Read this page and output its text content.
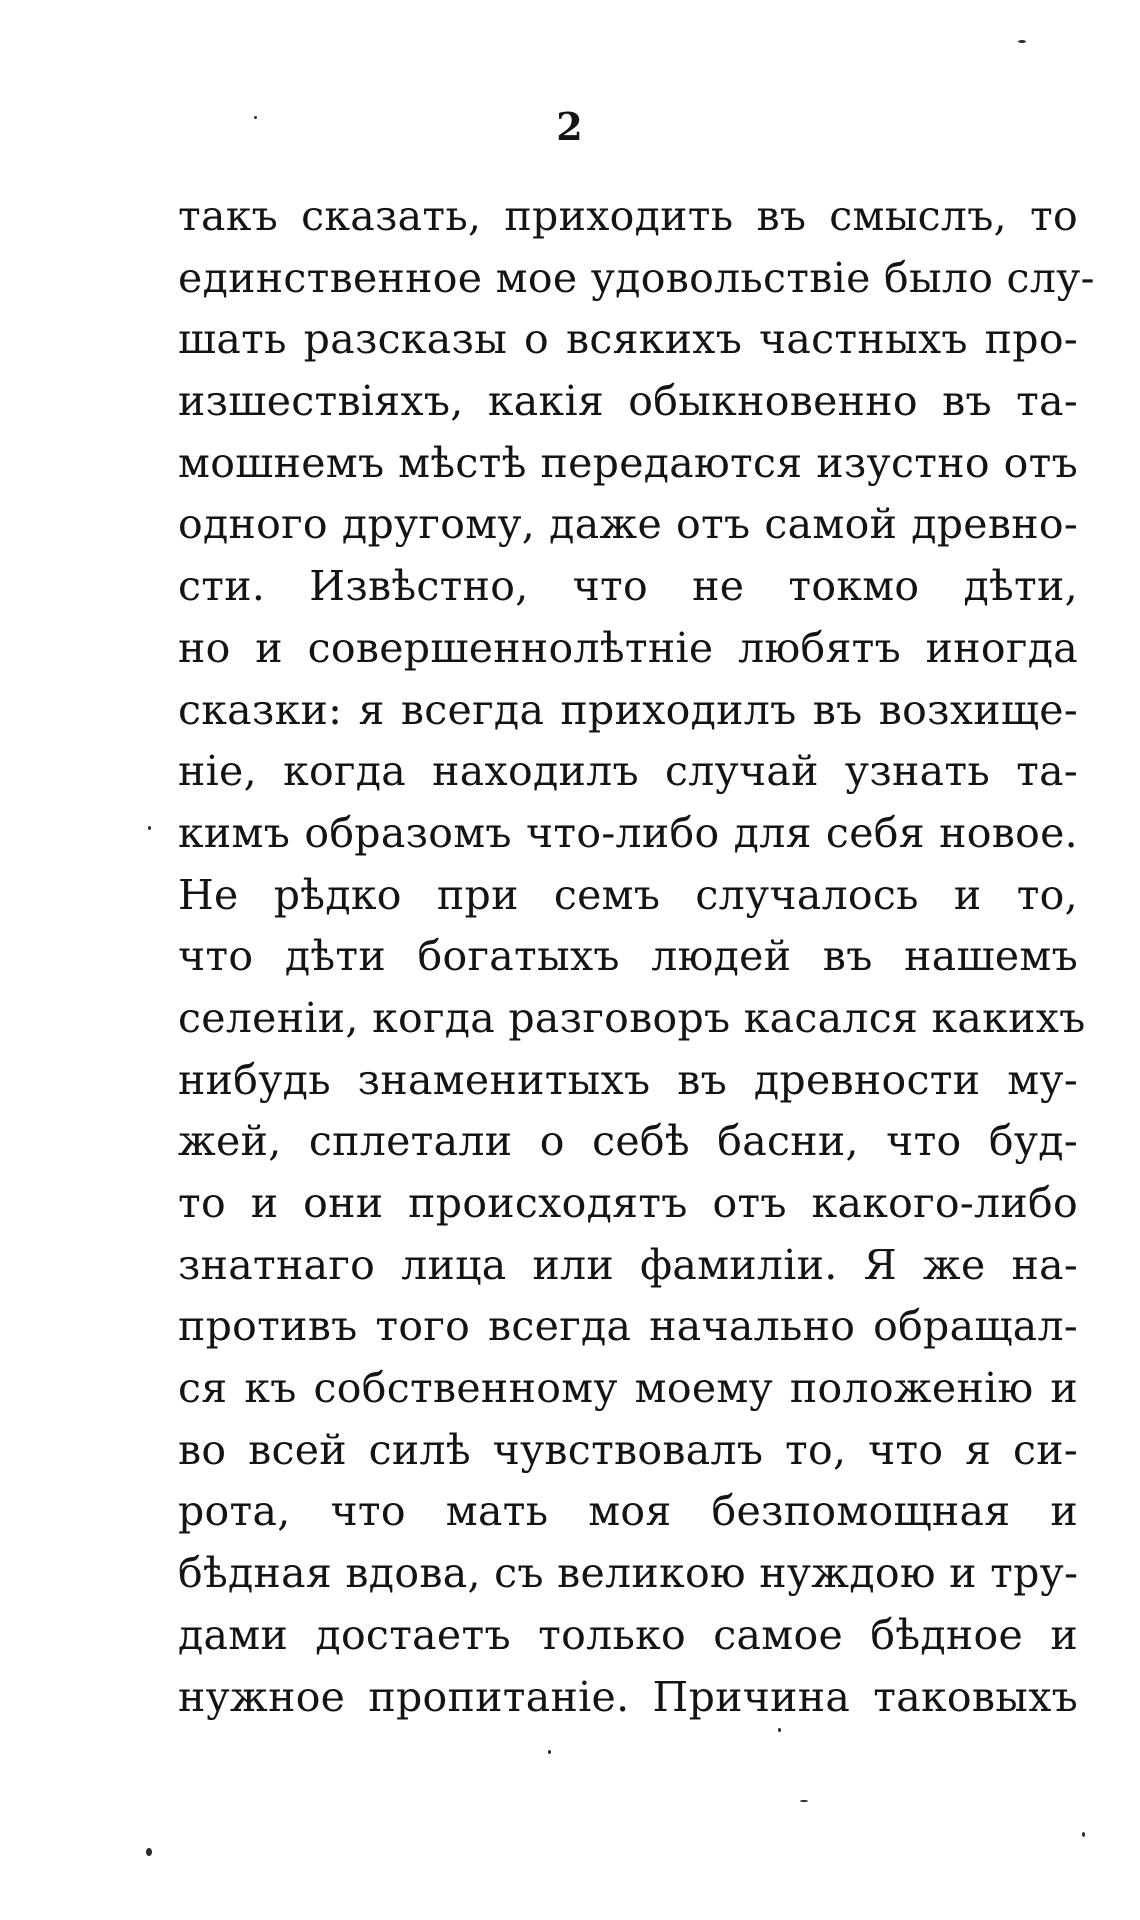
2
такъ сказать, приходить въ смыслъ, то
единственное мое удовольствіе было слу-
шать разсказы о всякихъ частныхъ про-
изшествіяхъ, какія обыкновенно въ та-
мошнемъ мѣстѣ передаются изустно отъ
одного другому, даже отъ самой древно-
сти. Извѣстно, что не токмо дѣти,
но и совершеннолѣтніе любятъ иногда
сказки: я всегда приходилъ въ возхище-
ніе, когда находилъ случай узнать та-
кимъ образомъ что-либо для себя новое.
Не рѣдко при семъ случалось и то,
что дѣти богатыхъ людей въ нашемъ
селеніи, когда разговоръ касался какихъ
нибудь знаменитыхъ въ древности му-
жей, сплетали о себѣ басни, что буд-
то и они происходятъ отъ какого-либо
знатнаго лица или фамиліи. Я же на-
противъ того всегда начально обращал-
ся къ собственному моему положенію и
во всей силѣ чувствовалъ то, что я си-
рота, что мать моя безпомощная и
бѣдная вдова, съ великою нуждою и тру-
дами достаетъ только самое бѣдное и
нужное пропитаніе. Причина таковыхъ
